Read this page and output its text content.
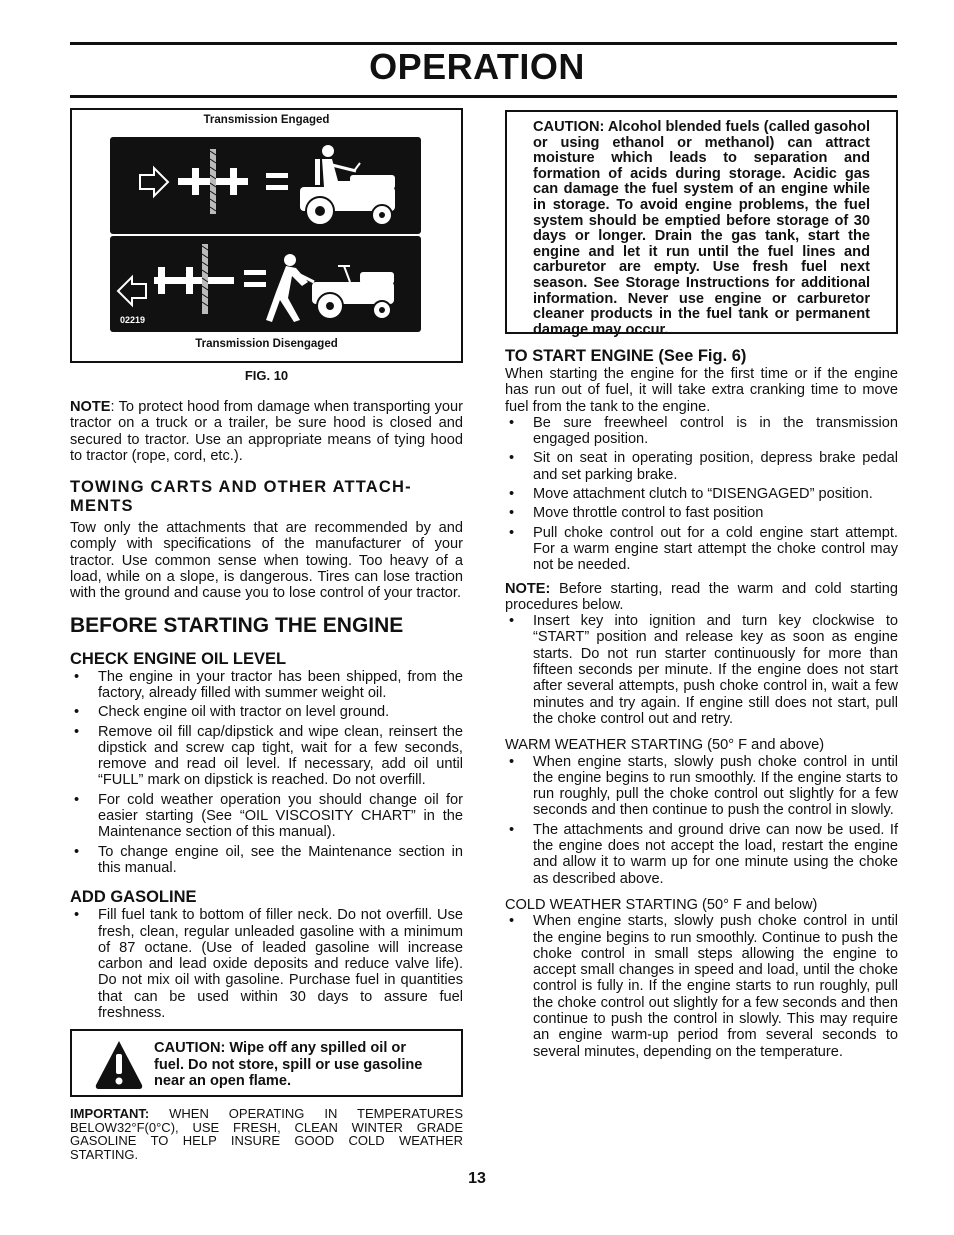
OPERATION
Transmission Engaged
02219
Transmission Disengaged
FIG. 10

NOTE: To protect hood from damage when transporting your tractor on a truck or a trailer, be sure hood is closed and secured to tractor. Use an appropriate means of tying hood to tractor (rope, cord, etc.).

TOWING CARTS AND OTHER ATTACH-MENTS

Tow only the attachments that are recommended by and comply with specifications of the manufacturer of your tractor. Use common sense when towing. Too heavy of a load, while on a slope, is dangerous. Tires can lose traction with the ground and cause you to lose control of your tractor.

BEFORE STARTING THE ENGINE
CHECK ENGINE OIL LEVEL
• The engine in your tractor has been shipped, from the factory, already filled with summer weight oil.
• Check engine oil with tractor on level ground.
• Remove oil fill cap/dipstick and wipe clean, reinsert the dipstick and screw cap tight, wait for a few seconds, remove and read oil level. If necessary, add oil until “FULL” mark on dipstick is reached. Do not overfill.
• For cold weather operation you should change oil for easier starting (See “OIL VISCOSITY CHART” in the Maintenance section of this manual).
• To change engine oil, see the Maintenance section in this manual.
ADD GASOLINE
• Fill fuel tank to bottom of filler neck. Do not overfill. Use fresh, clean, regular unleaded gasoline with a minimum of 87 octane. (Use of leaded gasoline will increase carbon and lead oxide deposits and reduce valve life). Do not mix oil with gasoline. Purchase fuel in quantities that can be used within 30 days to assure fuel freshness.

CAUTION: Wipe off any spilled oil or fuel. Do not store, spill or use gasoline near an open flame.

IMPORTANT: WHEN OPERATING IN TEMPERATURES BELOW32°F(0°C), USE FRESH, CLEAN WINTER GRADE GASOLINE TO HELP INSURE GOOD COLD WEATHER STARTING.

CAUTION: Alcohol blended fuels (called gasohol or using ethanol or methanol) can attract moisture which leads to separation and formation of acids during storage. Acidic gas can damage the fuel system of an engine while in storage. To avoid engine problems, the fuel system should be emptied before storage of 30 days or longer. Drain the gas tank, start the engine and let it run until the fuel lines and carburetor are empty. Use fresh fuel next season. See Storage Instructions for additional information. Never use engine or carburetor cleaner products in the fuel tank or permanent damage may occur.

TO START ENGINE (See Fig. 6)

When starting the engine for the first time or if the engine has run out of fuel, it will take extra cranking time to move fuel from the tank to the engine.

• Be sure freewheel control is in the transmission engaged position.
• Sit on seat in operating position, depress brake pedal and set parking brake.
• Move attachment clutch to “DISENGAGED” position.
• Move throttle control to fast position
• Pull choke control out for a cold engine start attempt. For a warm engine start attempt the choke control may not be needed.

NOTE: Before starting, read the warm and cold starting procedures below.

• Insert key into ignition and turn key clockwise to “START” position and release key as soon as engine starts. Do not run starter continuously for more than fifteen seconds per minute. If the engine does not start after several attempts, push choke control in, wait a few minutes and try again. If engine still does not start, pull the choke control out and retry.

WARM WEATHER STARTING (50° F and above)

• When engine starts, slowly push choke control in until the engine begins to run smoothly. If the engine starts to run roughly, pull the choke control out slightly for a few seconds and then continue to push the control in slowly.
• The attachments and ground drive can now be used. If the engine does not accept the load, restart the engine and allow it to warm up for one minute using the choke as described above.

COLD WEATHER STARTING (50° F and below)

• When engine starts, slowly push choke control in until the engine begins to run smoothly. Continue to push the choke control in small steps allowing the engine to accept small changes in speed and load, until the choke control is fully in. If the engine starts to run roughly, pull the choke control out slightly for a few seconds and then continue to push the control in slowly. This may require an engine warm-up period from several seconds to several minutes, depending on the temperature.
13
